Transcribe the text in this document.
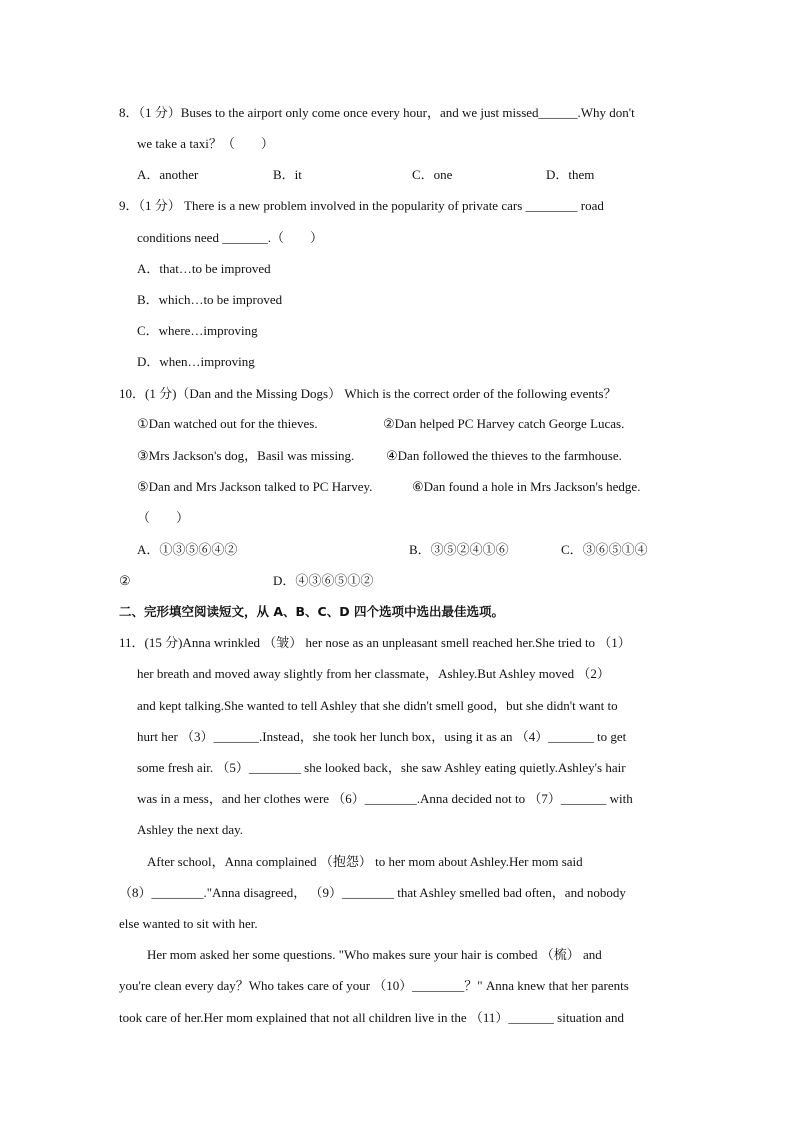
8．（1 分）Buses to the airport only come once every hour，and we just missed______.Why don't
we take a taxi？（　　）
A．another	B．it	C．one	D．them
9．（1 分） There is a new problem involved in the popularity of private cars ________ road
conditions need _______.（　　）
A．that…to be improved
B．which…to be improved
C．where…improving
D．when…improving
10．(1 分)（Dan and the Missing Dogs） Which is the correct order of the following events？
①Dan watched out for the thieves.	②Dan helped PC Harvey catch George Lucas.
③Mrs Jackson's dog，Basil was missing. ④Dan followed the thieves to the farmhouse.
⑤Dan and Mrs Jackson talked to PC Harvey.	⑥Dan found a hole in Mrs Jackson's hedge.
（　　）
A．①③⑤⑥④②	B．③⑤②④①⑥	C．③⑥⑤①④
②	D．④③⑥⑤①②
二、完形填空阅读短文，从 A、B、C、D 四个选项中选出最佳选项。
11．(15 分)Anna wrinkled （皱） her nose as an unpleasant smell reached her.She tried to （1）
her breath and moved away slightly from her classmate，Ashley.But Ashley moved （2）
and kept talking.She wanted to tell Ashley that she didn't smell good，but she didn't want to
hurt her （3）_______.Instead，she took her lunch box，using it as an （4）_______ to get
some fresh air. （5）________ she looked back，she saw Ashley eating quietly.Ashley's hair
was in a mess，and her clothes were （6）________.Anna decided not to （7）_______ with
Ashley the next day.
After school，Anna complained （抱怨） to her mom about Ashley.Her mom said
（8）________."Anna disagreed， （9）________ that Ashley smelled bad often，and nobody
else wanted to sit with her.
Her mom asked her some questions. "Who makes sure your hair is combed （梳） and
you're clean every day？Who takes care of your （10）________？" Anna knew that her parents
took care of her.Her mom explained that not all children live in the （11）_______ situation and
